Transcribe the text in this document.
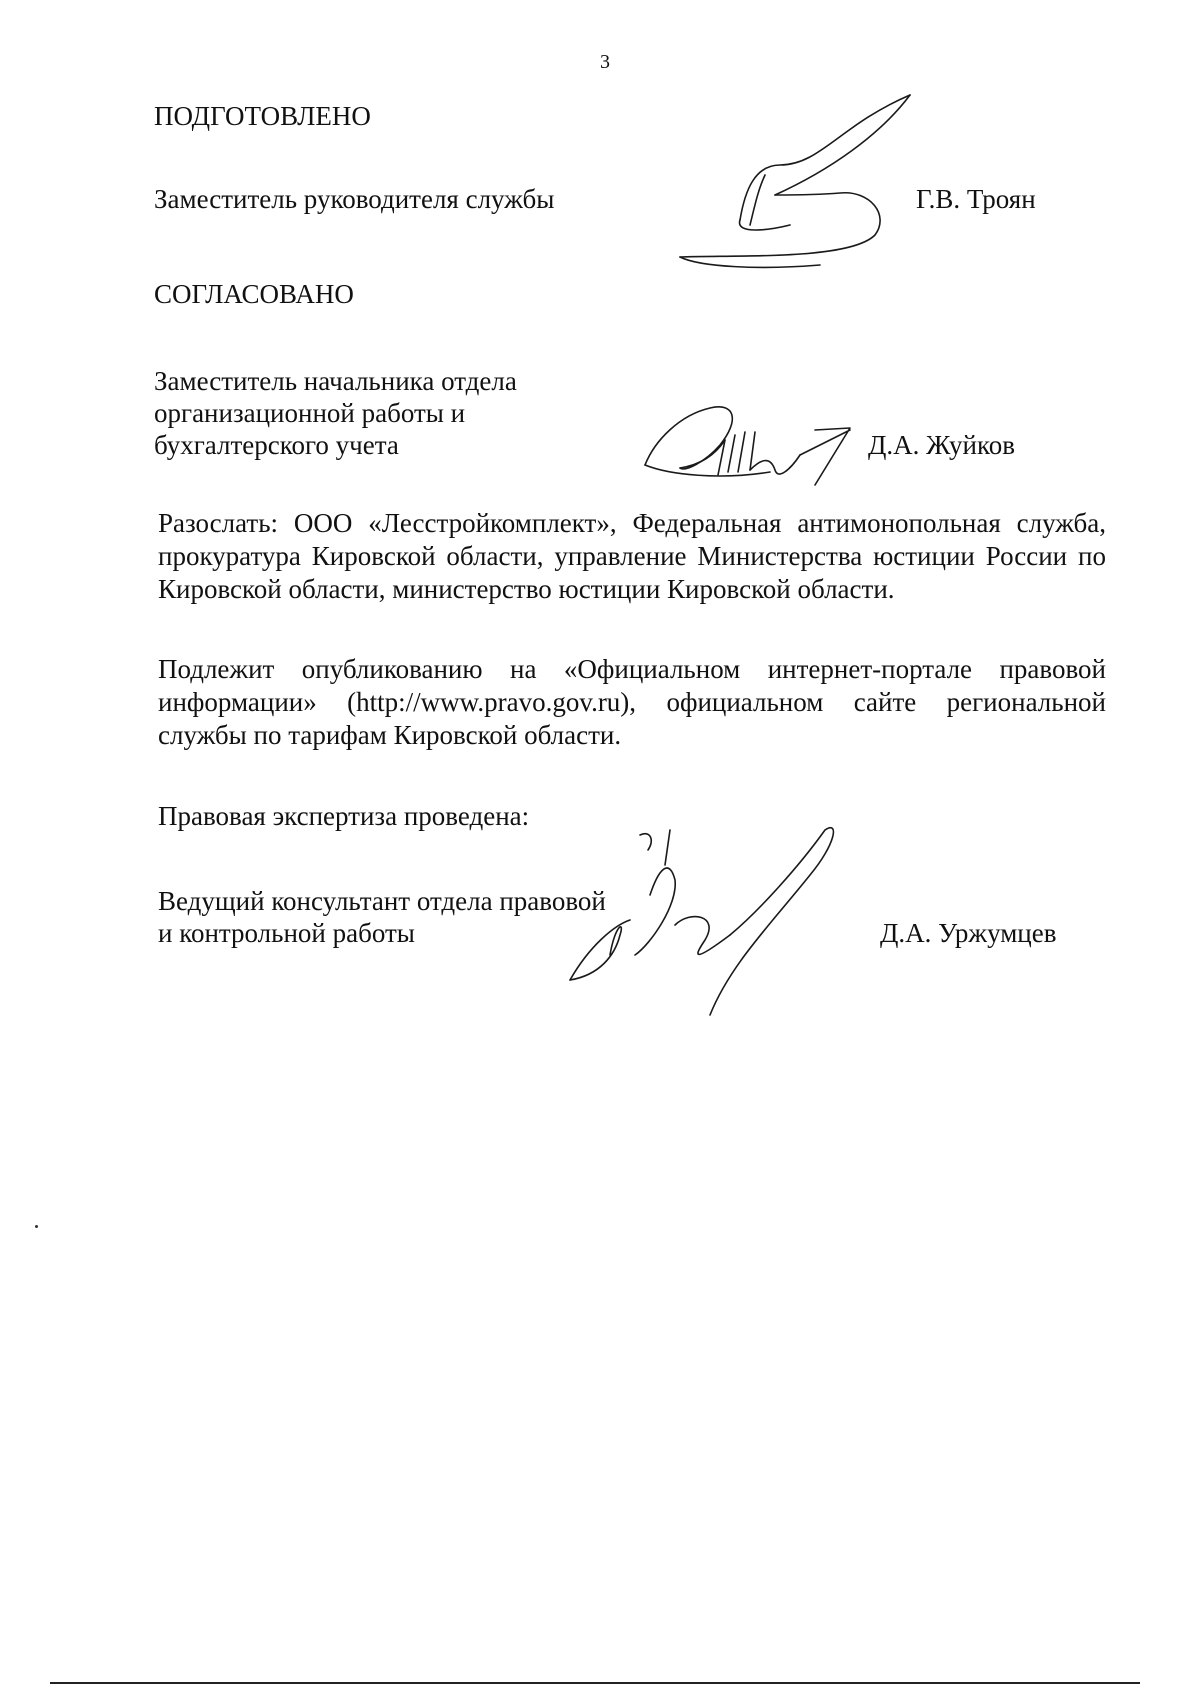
3

ПОДГОТОВЛЕНО

Заместитель руководителя службы	Г.В. Троян

СОГЛАСОВАНО

Заместитель начальника отдела

организационной работы и

бухгалтерского учета	Д.А. Жуйков

Разослать: ООО «Лесстройкомплект», Федеральная антимонопольная служба, прокуратура Кировской области, управление Министерства юстиции России по Кировской области, министерство юстиции Кировской области.

Подлежит опубликованию на «Официальном интернет-портале правовой информации» (http://www.pravo.gov.ru), официальном сайте региональной службы по тарифам Кировской области.

Правовая экспертиза проведена:

Ведущий консультант отдела правовой

и контрольной работы	Д.А. Уржумцев
